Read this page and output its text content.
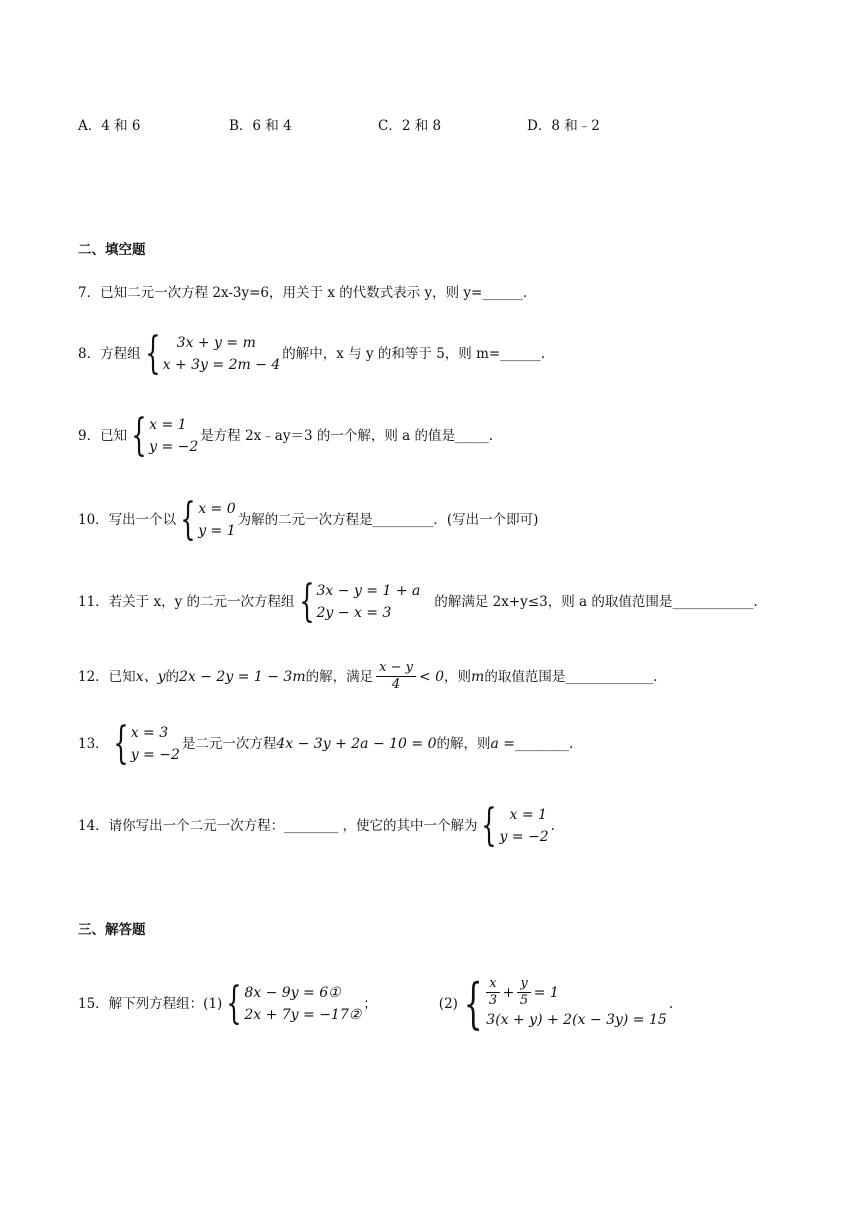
A．4 和 6	B．6 和 4	C．2 和 8	D．8 和﹣2
二、填空题
7．已知二元一次方程 2x-3y=6，用关于 x 的代数式表示 y，则 y=______.
8．方程组 {	3x + y = m
x + 3y = 2m − 4
的解中，x 与 y 的和等于 5，则 m=______.
9．已知 { x = 1
y = −2
是方程 2x﹣ay＝3 的一个解，则 a 的值是_____.
10．写出一个以 { x = 0
y = 1
为解的二元一次方程是_________．(写出一个即可)
11．若关于 x，y 的二元一次方程组 { 3x − y = 1 + a
2y − x = 3
的解满足 2x+y≤3，则 a 的取值范围是____________.
12．已知 x、y 的 2x − 2y = 1 − 3m 的解，满足 $\frac{x - y}{4} < 0$ ，则 m 的取值范围是_____________.
13． { x = 3
y = −2
是二元一次方程 4x − 3y + 2a − 10 = 0 的解，则 a = ________.
14．请你写出一个二元一次方程：________ ，使它的其中一个解为 { x = 1
y = −2
.
三、解答题
15．解下列方程组：(1) { 8x − 9y = 6①
2x + 7y = −17②
；	(2) { $\frac{x}{3} + \frac{y}{5} = 1$
3(x + y) + 2(x − 3y) = 15
.
